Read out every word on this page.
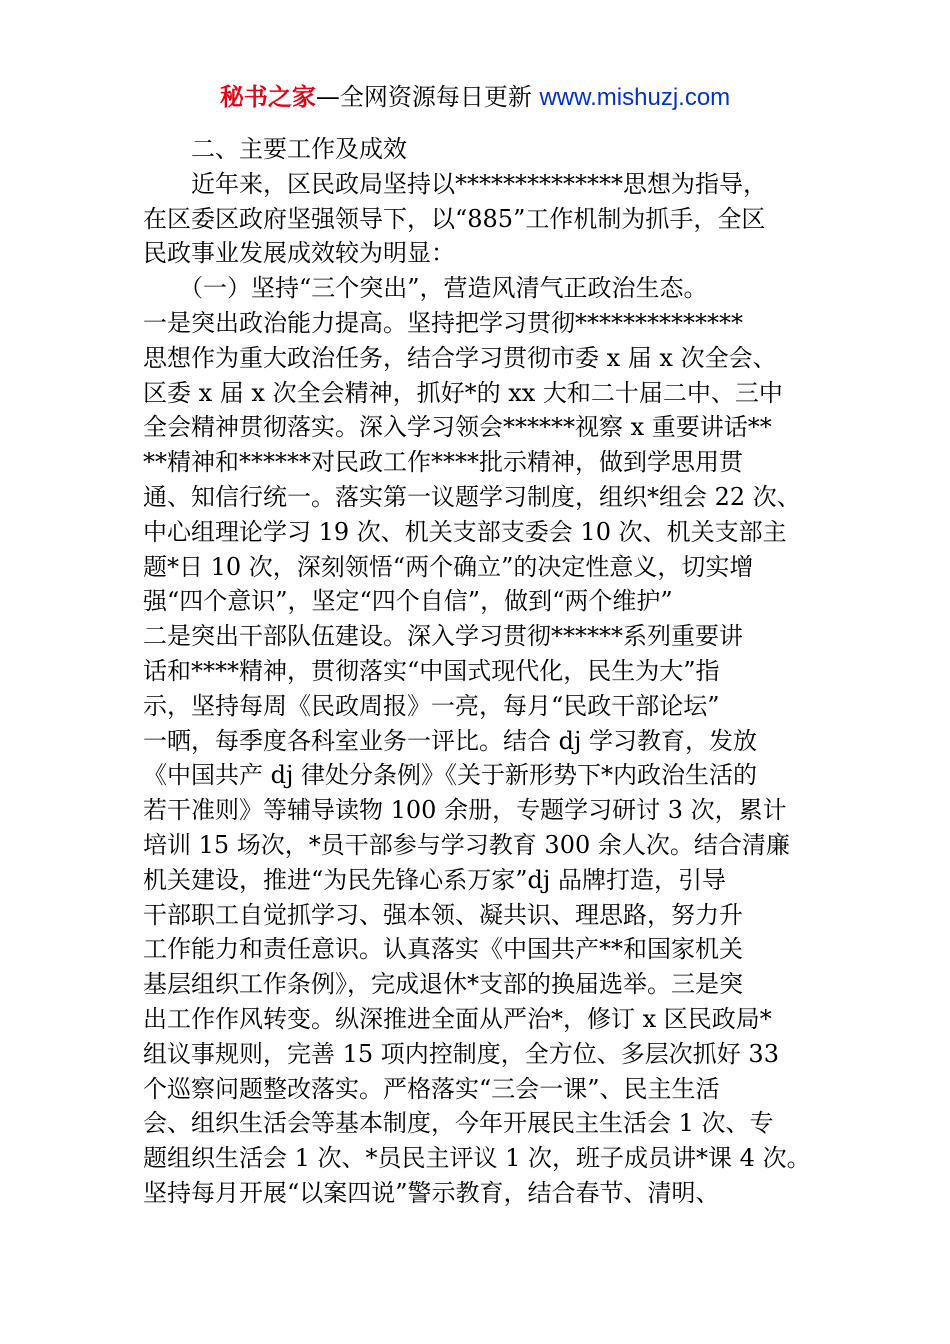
秘书之家—全网资源每日更新 www.mishuzj.com
　　二、主要工作及成效
　　近年来，区民政局坚持以**************思想为指导，
在区委区政府坚强领导下，以“885”工作机制为抓手，全区
民政事业发展成效较为明显：
　　（一）坚持“三个突出”，营造风清气正政治生态。
一是突出政治能力提高。坚持把学习贯彻**************
思想作为重大政治任务，结合学习贯彻市委 x 届 x 次全会、
区委 x 届 x 次全会精神，抓好*的 xx 大和二十届二中、三中
全会精神贯彻落实。深入学习领会******视察 x 重要讲话**
**精神和******对民政工作****批示精神，做到学思用贯
通、知信行统一。落实第一议题学习制度，组织*组会 22 次、
中心组理论学习 19 次、机关支部支委会 10 次、机关支部主
题*日 10 次，深刻领悟“两个确立”的决定性意义，切实增
强“四个意识”，坚定“四个自信”，做到“两个维护”
二是突出干部队伍建设。深入学习贯彻******系列重要讲
话和****精神，贯彻落实“中国式现代化，民生为大”指
示，坚持每周《民政周报》一亮，每月“民政干部论坛”
一晒，每季度各科室业务一评比。结合 dj 学习教育，发放
《中国共产 dj 律处分条例》《关于新形势下*内政治生活的
若干准则》等辅导读物 100 余册，专题学习研讨 3 次，累计
培训 15 场次，*员干部参与学习教育 300 余人次。结合清廉
机关建设，推进“为民先锋心系万家”dj 品牌打造，引导
干部职工自觉抓学习、强本领、凝共识、理思路，努力升
工作能力和责任意识。认真落实《中国共产**和国家机关
基层组织工作条例》，完成退休*支部的换届选举。三是突
出工作作风转变。纵深推进全面从严治*，修订 x 区民政局*
组议事规则，完善 15 项内控制度，全方位、多层次抓好 33
个巡察问题整改落实。严格落实“三会一课”、民主生活
会、组织生活会等基本制度，今年开展民主生活会 1 次、专
题组织生活会 1 次、*员民主评议 1 次，班子成员讲*课 4 次。
坚持每月开展“以案四说”警示教育，结合春节、清明、
